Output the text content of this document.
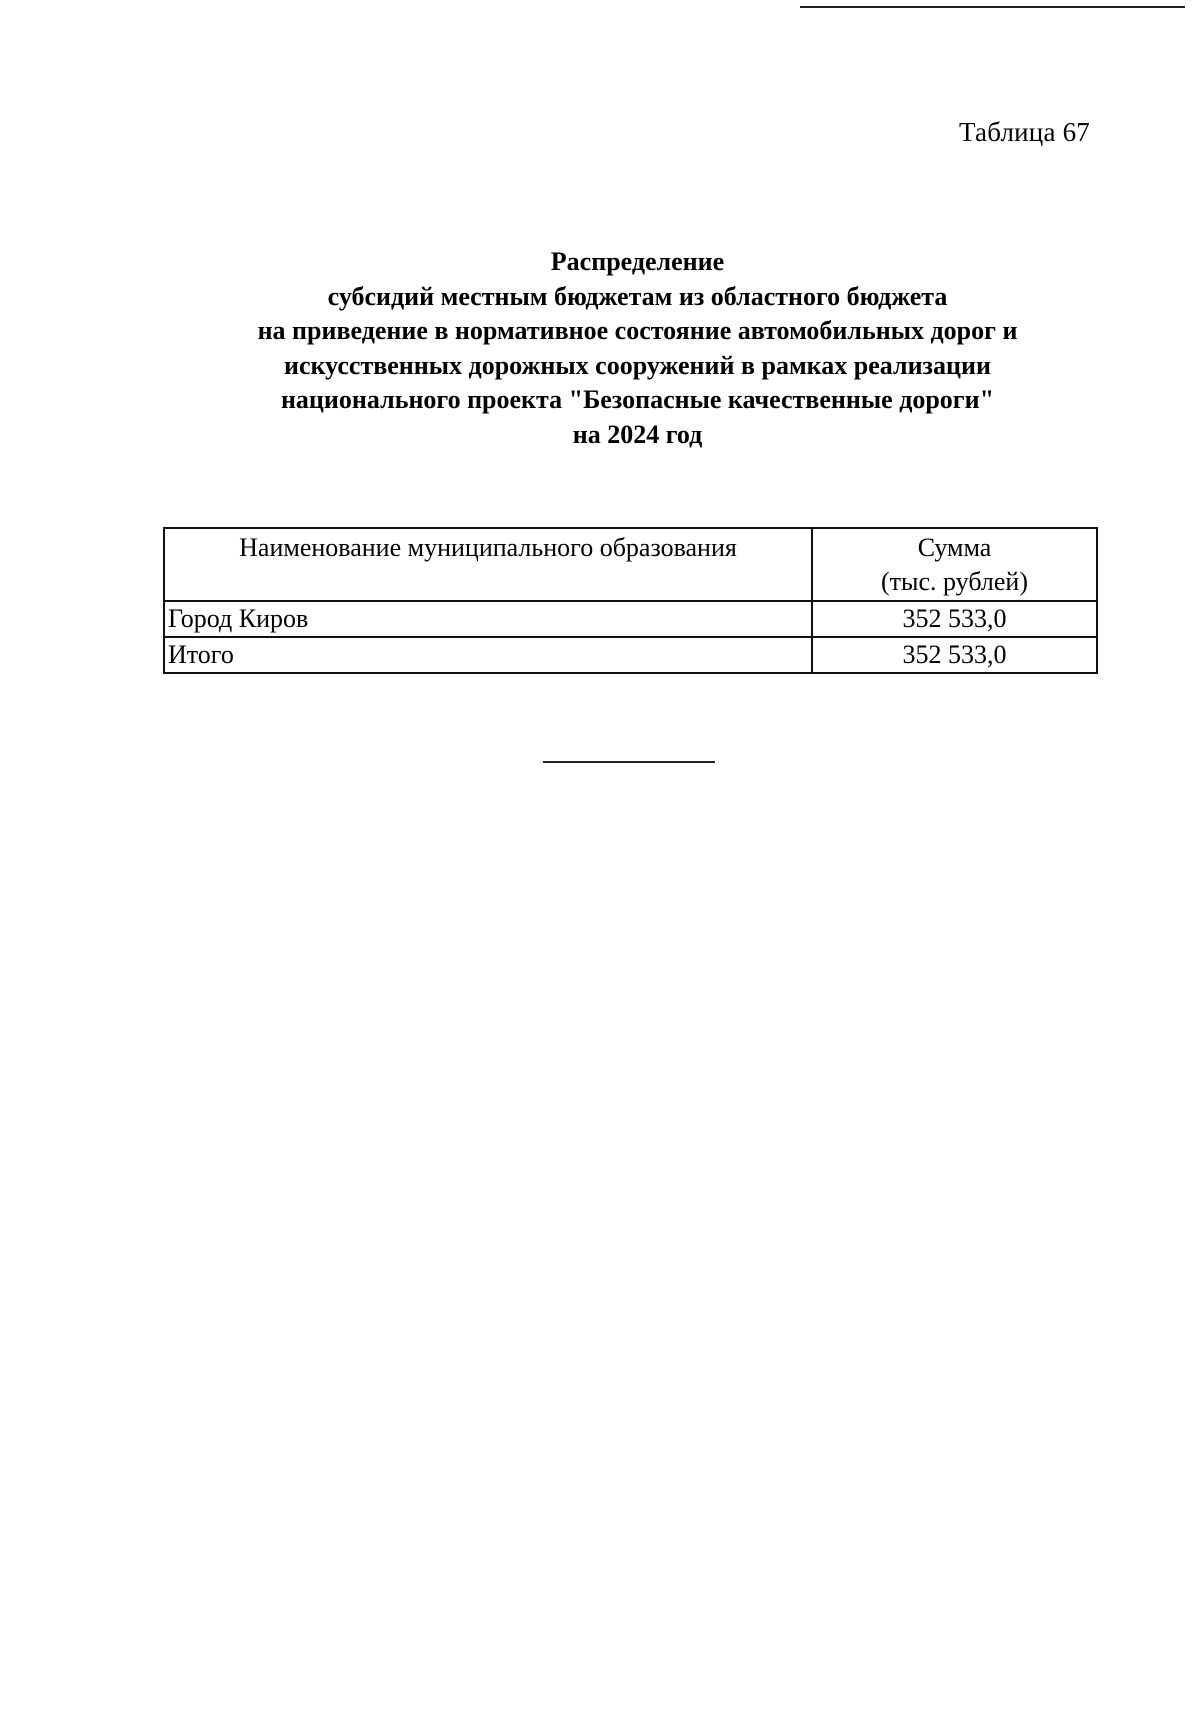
Таблица 67
Распределение
субсидий местным бюджетам из областного бюджета
на приведение в нормативное состояние автомобильных дорог и
искусственных дорожных сооружений в рамках реализации
национального проекта "Безопасные качественные дороги"
на 2024 год
Наименование муниципального образования	Сумма
(тыс. рублей)

Город Киров	352 533,0
Итого	352 533,0
